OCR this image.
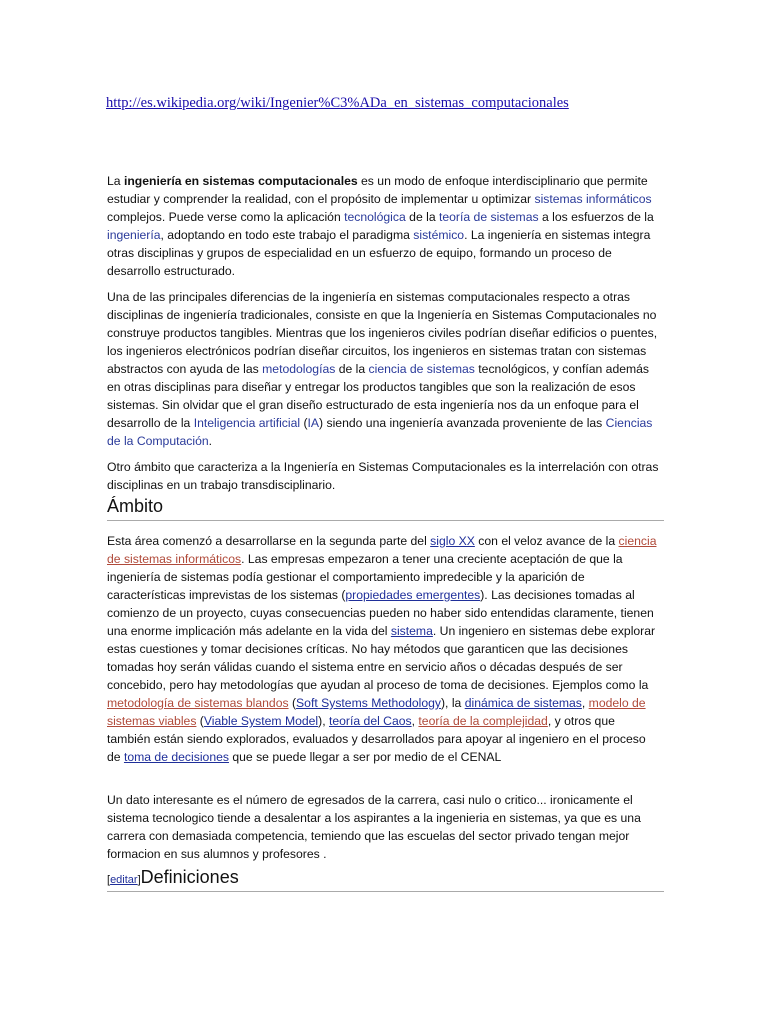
http://es.wikipedia.org/wiki/Ingenier%C3%ADa_en_sistemas_computacionales

La ingeniería en sistemas computacionales es un modo de enfoque interdisciplinario que permite estudiar y comprender la realidad, con el propósito de implementar u optimizar sistemas informáticos complejos. Puede verse como la aplicación tecnológica de la teoría de sistemas a los esfuerzos de la ingeniería, adoptando en todo este trabajo el paradigma sistémico. La ingeniería en sistemas integra otras disciplinas y grupos de especialidad en un esfuerzo de equipo, formando un proceso de desarrollo estructurado.

Una de las principales diferencias de la ingeniería en sistemas computacionales respecto a otras disciplinas de ingeniería tradicionales, consiste en que la Ingeniería en Sistemas Computacionales no construye productos tangibles. Mientras que los ingenieros civiles podrían diseñar edificios o puentes, los ingenieros electrónicos podrían diseñar circuitos, los ingenieros en sistemas tratan con sistemas abstractos con ayuda de las metodologías de la ciencia de sistemas tecnológicos, y confían además en otras disciplinas para diseñar y entregar los productos tangibles que son la realización de esos sistemas. Sin olvidar que el gran diseño estructurado de esta ingeniería nos da un enfoque para el desarrollo de la Inteligencia artificial (IA) siendo una ingeniería avanzada proveniente de las Ciencias de la Computación.

Otro ámbito que caracteriza a la Ingeniería en Sistemas Computacionales es la interrelación con otras disciplinas en un trabajo transdisciplinario.

Ámbito

Esta área comenzó a desarrollarse en la segunda parte del siglo XX con el veloz avance de la ciencia de sistemas informáticos. Las empresas empezaron a tener una creciente aceptación de que la ingeniería de sistemas podía gestionar el comportamiento impredecible y la aparición de características imprevistas de los sistemas (propiedades emergentes). Las decisiones tomadas al comienzo de un proyecto, cuyas consecuencias pueden no haber sido entendidas claramente, tienen una enorme implicación más adelante en la vida del sistema. Un ingeniero en sistemas debe explorar estas cuestiones y tomar decisiones críticas. No hay métodos que garanticen que las decisiones tomadas hoy serán válidas cuando el sistema entre en servicio años o décadas después de ser concebido, pero hay metodologías que ayudan al proceso de toma de decisiones. Ejemplos como la metodología de sistemas blandos (Soft Systems Methodology), la dinámica de sistemas, modelo de sistemas viables (Viable System Model), teoría del Caos, teoría de la complejidad, y otros que también están siendo explorados, evaluados y desarrollados para apoyar al ingeniero en el proceso de toma de decisiones que se puede llegar a ser por medio de el CENAL

Un dato interesante es el número de egresados de la carrera, casi nulo o critico... ironicamente el sistema tecnologico tiende a desalentar a los aspirantes a la ingenieria en sistemas, ya que es una carrera con demasiada competencia, temiendo que las escuelas del sector privado tengan mejor formacion en sus alumnos y profesores .

[editar]Definiciones
